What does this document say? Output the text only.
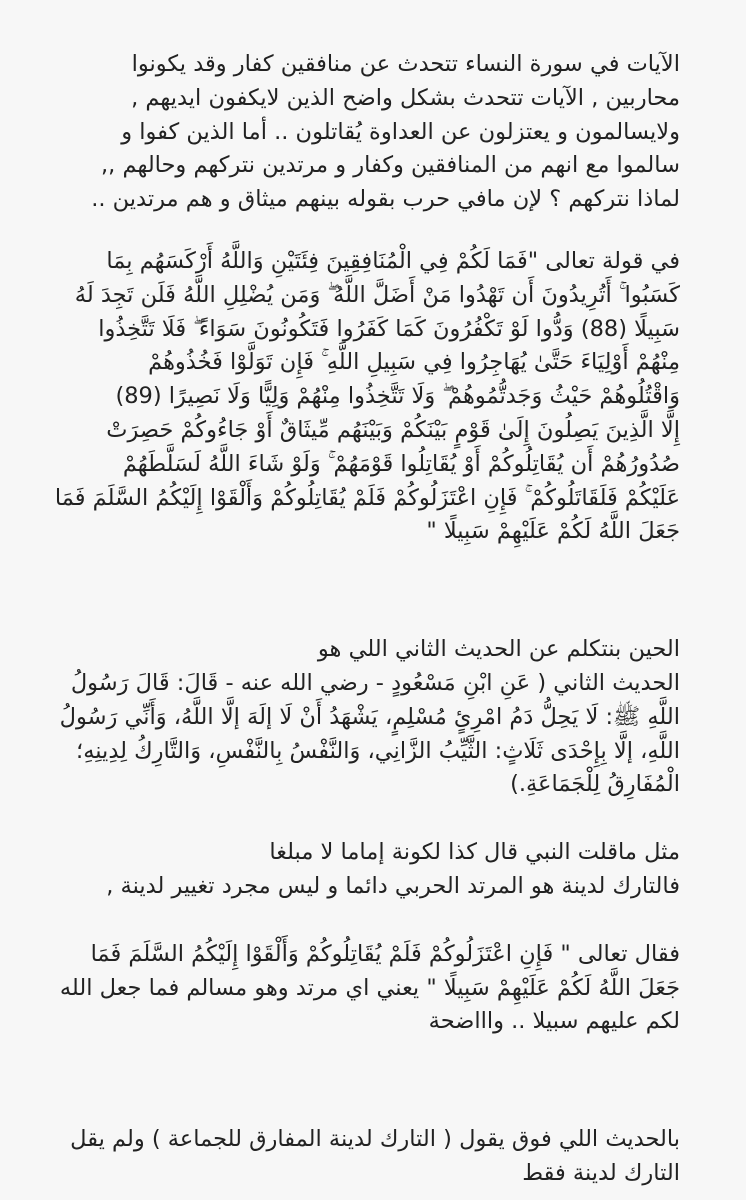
الآيات في سورة النساء تتحدث عن منافقين كفار وقد يكونوا
محاربين , الآيات تتحدث بشكل واضح الذين لايكفون ايديهم ,
ولايسالمون و يعتزلون عن العداوة يُقاتلون .. أما الذين كفوا و
سالموا مع انهم من المنافقين وكفار و مرتدين نتركهم وحالهم ,,
لماذا نتركهم ؟ لإن مافي حرب بقوله بينهم ميثاق و هم مرتدين ..
في قولة تعالى "فَمَا لَكُمْ فِي الْمُنَافِقِينَ فِئَتَيْنِ وَاللَّهُ أَرْكَسَهُم بِمَا
كَسَبُوا ۚ أَتُرِيدُونَ أَن تَهْدُوا مَنْ أَضَلَّ اللَّهُ ۖ وَمَن يُضْلِلِ اللَّهُ فَلَن تَجِدَ لَهُ
سَبِيلًا (88) وَدُّوا لَوْ تَكْفُرُونَ كَمَا كَفَرُوا فَتَكُونُونَ سَوَاءً ۖ فَلَا تَتَّخِذُوا
مِنْهُمْ أَوْلِيَاءَ حَتَّىٰ يُهَاجِرُوا فِي سَبِيلِ اللَّهِ ۚ فَإِن تَوَلَّوْا فَخُذُوهُمْ
وَاقْتُلُوهُمْ حَيْثُ وَجَدتُّمُوهُمْ ۖ وَلَا تَتَّخِذُوا مِنْهُمْ وَلِيًّا وَلَا نَصِيرًا (89)
إِلَّا الَّذِينَ يَصِلُونَ إِلَىٰ قَوْمٍ بَيْنَكُمْ وَبَيْنَهُم مِّيثَاقٌ أَوْ جَاءُوكُمْ حَصِرَتْ
صُدُورُهُمْ أَن يُقَاتِلُوكُمْ أَوْ يُقَاتِلُوا قَوْمَهُمْ ۚ وَلَوْ شَاءَ اللَّهُ لَسَلَّطَهُمْ
عَلَيْكُمْ فَلَقَاتَلُوكُمْ ۚ فَإِنِ اعْتَزَلُوكُمْ فَلَمْ يُقَاتِلُوكُمْ وَأَلْقَوْا إِلَيْكُمُ السَّلَمَ فَمَا
جَعَلَ اللَّهُ لَكُمْ عَلَيْهِمْ سَبِيلًا "
الحين بنتكلم عن الحديث الثاني اللي هو
الحديث الثاني ( عَنِ ابْنِ مَسْعُودٍ - رضي الله عنه - قَالَ: قَالَ رَسُولُ
اللَّهِ ﷺ: لَا يَحِلُّ دَمُ امْرِئٍ مُسْلِمٍ، يَشْهَدُ أَنْ لَا إلَهَ إلَّا اللَّهُ، وَأَنِّي رَسُولُ
اللَّهِ، إلَّا بِإِحْدَى ثَلَاثٍ: الثَّيِّبُ الزَّانِي، وَالنَّفْسُ بِالنَّفْسِ، وَالتَّارِكُ لِدِينِهِ؛
الْمُفَارِقُ لِلْجَمَاعَةِ.)
مثل ماقلت النبي قال كذا لكونة إماما لا مبلغا
فالتارك لدينة هو المرتد الحربي دائما و ليس مجرد تغيير لدينة ,
فقال تعالى " فَإِنِ اعْتَزَلُوكُمْ فَلَمْ يُقَاتِلُوكُمْ وَأَلْقَوْا إِلَيْكُمُ السَّلَمَ فَمَا
جَعَلَ اللَّهُ لَكُمْ عَلَيْهِمْ سَبِيلًا " يعني اي مرتد وهو مسالم فما جعل الله
لكم عليهم سبيلا .. واااضحة
بالحديث اللي فوق يقول ( التارك لدينة المفارق للجماعة ) ولم يقل
التارك لدينة فقط
